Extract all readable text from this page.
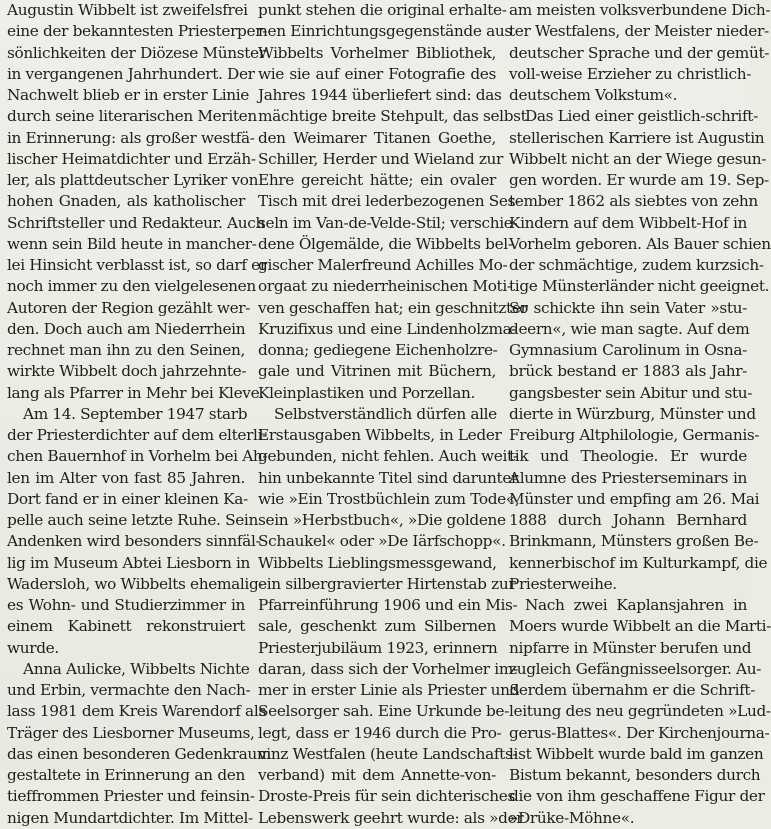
Augustin Wibbelt ist zweifelsfrei
eine der bekanntesten Priesterper-
sönlichkeiten der Diözese Münster
in vergangenen Jahrhundert. Der
Nachwelt blieb er in erster Linie
durch seine literarischen Meriten
in Erinnerung: als großer westfä-
lischer Heimatdichter und Erzäh-
ler, als plattdeutscher Lyriker von
hohen Gnaden, als katholischer
Schriftsteller und Redakteur. Auch
wenn sein Bild heute in mancher-
lei Hinsicht verblasst ist, so darf er
noch immer zu den vielgelesenen
Autoren der Region gezählt wer-
den. Doch auch am Niederrhein
rechnet man ihn zu den Seinen,
wirkte Wibbelt doch jahrzehnte-
lang als Pfarrer in Mehr bei Kleve.
Am 14. September 1947 starb
der Priesterdichter auf dem elterli-
chen Bauernhof in Vorhelm bei Ah-
len im Alter von fast 85 Jahren.
Dort fand er in einer kleinen Ka-
pelle auch seine letzte Ruhe. Sein
Andenken wird besonders sinnfäl-
lig im Museum Abtei Liesborn in
Wadersloh, wo Wibbelts ehemalig-
es Wohn- und Studierzimmer in
einem Kabinett rekonstruiert
wurde.
Anna Aulicke, Wibbelts Nichte
und Erbin, vermachte den Nach-
lass 1981 dem Kreis Warendorf als
Träger des Liesborner Museums,
das einen besonderen Gedenkraum
gestaltete in Erinnerung an den
tieffrommen Priester und feinsin-
nigen Mundartdichter. Im Mittel-
punkt stehen die original erhalte-
nen Einrichtungsgegenstände aus
Wibbelts Vorhelmer Bibliothek,
wie sie auf einer Fotografie des
Jahres 1944 überliefert sind: das
mächtige breite Stehpult, das selbst
den Weimarer Titanen Goethe,
Schiller, Herder und Wieland zur
Ehre gereicht hätte; ein ovaler
Tisch mit drei lederbezogenen Ses-
seln im Van-de-Velde-Stil; verschie-
dene Ölgemälde, die Wibbelts bel-
gischer Malerfreund Achilles Mo-
orgaat zu niederrheinischen Moti-
ven geschaffen hat; ein geschnitzter
Kruzifixus und eine Lindenholzma-
donna; gediegene Eichenholzre-
gale und Vitrinen mit Büchern,
Kleinplastiken und Porzellan.
Selbstverständlich dürfen alle
Erstausgaben Wibbelts, in Leder
gebunden, nicht fehlen. Auch weit-
hin unbekannte Titel sind darunter
wie »Ein Trostbüchlein zum Tode«,
sein »Herbstbuch«, »Die goldene
Schaukel« oder »De Iärfschopp«.
Wibbelts Lieblingsmessgewand,
ein silbergravierter Hirtenstab zur
Pfarreinführung 1906 und ein Mis-
sale, geschenkt zum Silbernen
Priesterjubiläum 1923, erinnern
daran, dass sich der Vorhelmer im-
mer in erster Linie als Priester und
Seelsorger sah. Eine Urkunde be-
legt, dass er 1946 durch die Pro-
vinz Westfalen (heute Landschafts-
verband) mit dem Annette-von-
Droste-Preis für sein dichterisches
Lebenswerk geehrt wurde: als »der
am meisten volksverbundene Dich-
ter Westfalens, der Meister nieder-
deutscher Sprache und der gemüt-
voll-weise Erzieher zu christlich-
deutschem Volkstum«.
Das Lied einer geistlich-schrift-
stellerischen Karriere ist Augustin
Wibbelt nicht an der Wiege gesun-
gen worden. Er wurde am 19. Sep-
tember 1862 als siebtes von zehn
Kindern auf dem Wibbelt-Hof in
Vorhelm geboren. Als Bauer schien
der schmächtige, zudem kurzsich-
tige Münsterländer nicht geeignet.
So schickte ihn sein Vater »stu-
deern«, wie man sagte. Auf dem
Gymnasium Carolinum in Osna-
brück bestand er 1883 als Jahr-
gangsbester sein Abitur und stu-
dierte in Würzburg, Münster und
Freiburg Altphilologie, Germanis-
tik und Theologie. Er wurde
Alumne des Priesterseminars in
Münster und empfing am 26. Mai
1888 durch Johann Bernhard
Brinkmann, Münsters großen Be-
kennerbischof im Kulturkampf, die
Priesterweihe.
Nach zwei Kaplansjahren in
Moers wurde Wibbelt an die Marti-
nipfarre in Münster berufen und
zugleich Gefängnisseelsorger. Au-
ßerdem übernahm er die Schrift-
leitung des neu gegründeten »Lud-
gerus-Blattes«. Der Kirchenjourna-
list Wibbelt wurde bald im ganzen
Bistum bekannt, besonders durch
die von ihm geschaffene Figur der
»Drüke-Möhne«.
